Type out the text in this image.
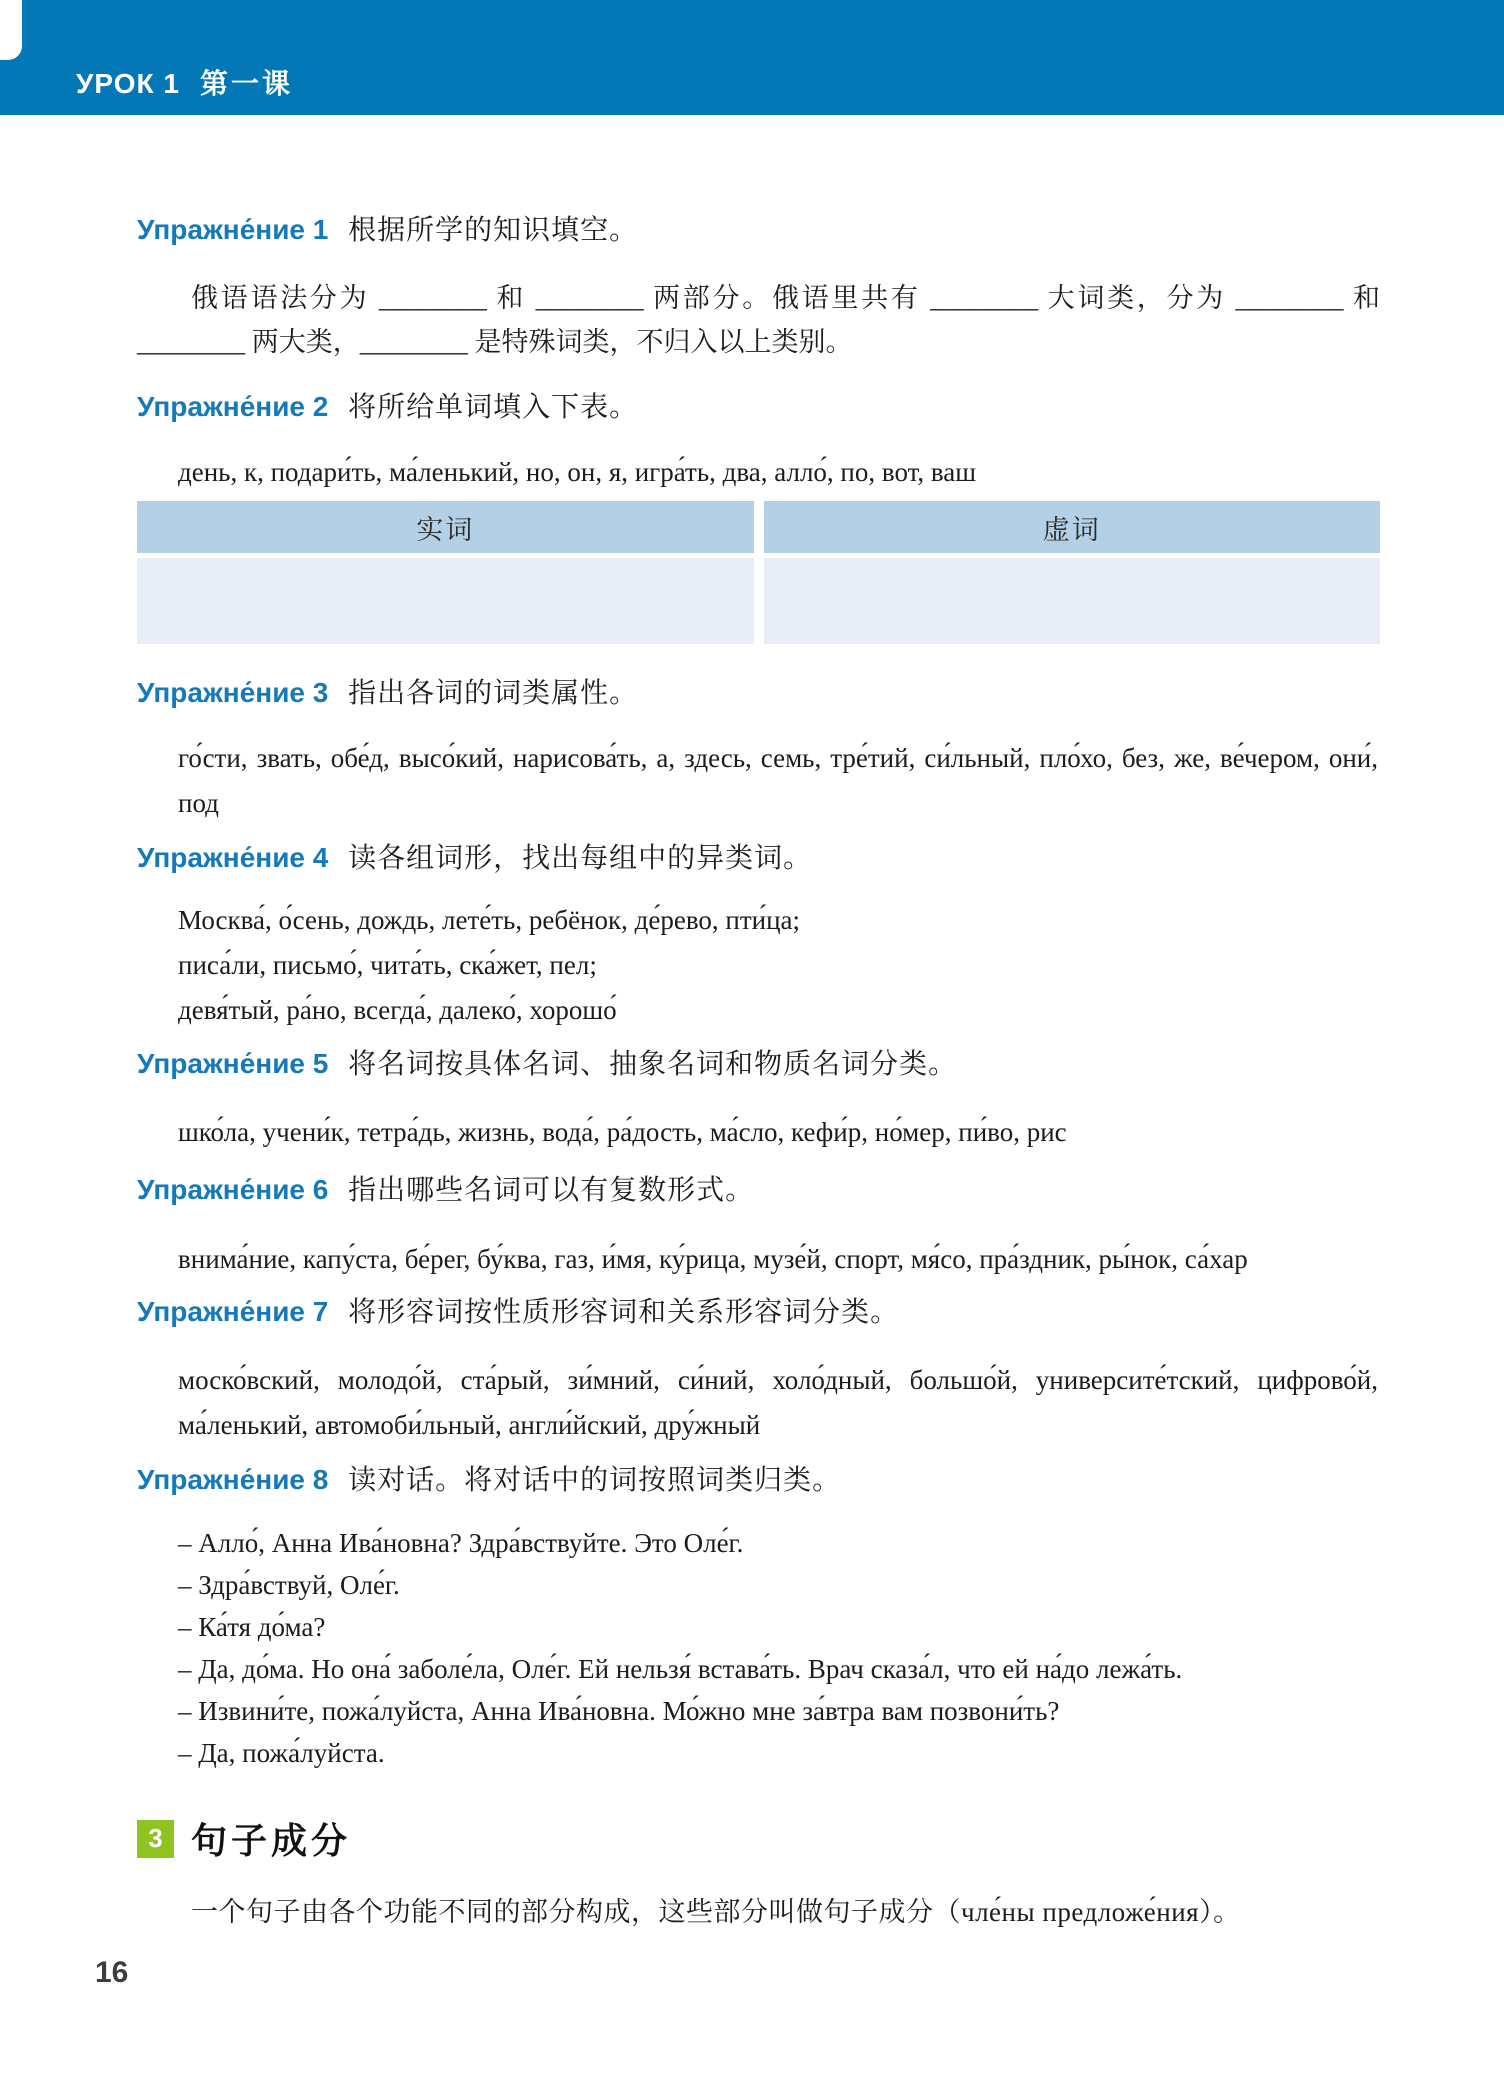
УРОК 1 第一课
Упражне́ние 1 根据所学的知识填空。
俄语语法分为 ________ 和 ________ 两部分。俄语里共有 ________ 大词类，分为 ________ 和 ________ 两大类，________ 是特殊词类，不归入以上类别。
Упражне́ние 2 将所给单词填入下表。
день, к, подари́ть, ма́ленький, но, он, я, игра́ть, два, алло́, по, вот, ваш
实词	虚词
Упражне́ние 3 指出各词的词类属性。
го́сти, звать, обе́д, высо́кий, нарисова́ть, а, здесь, семь, тре́тий, си́льный, пло́хо, без, же, ве́чером, они́, под
Упражне́ние 4 读各组词形，找出每组中的异类词。
Москва́, о́сень, дождь, лете́ть, ребёнок, де́рево, пти́ца;
писа́ли, письмо́, чита́ть, ска́жет, пел;
девя́тый, ра́но, всегда́, далеко́, хорошо́
Упражне́ние 5 将名词按具体名词、抽象名词和物质名词分类。
шко́ла, учени́к, тетра́дь, жизнь, вода́, ра́дость, ма́сло, кефи́р, но́мер, пи́во, рис
Упражне́ние 6 指出哪些名词可以有复数形式。
внима́ние, капу́ста, бе́рег, бу́ква, газ, и́мя, ку́рица, музе́й, спорт, мя́со, пра́здник, ры́нок, са́хар
Упражне́ние 7 将形容词按性质形容词和关系形容词分类。
моско́вский, молодо́й, ста́рый, зи́мний, си́ний, холо́дный, большо́й, университе́тский, цифрово́й, ма́ленький, автомоби́льный, англи́йский, дру́жный
Упражне́ние 8 读对话。将对话中的词按照词类归类。
– Алло́, Анна Ива́новна? Здра́вствуйте. Это Оле́г.
– Здра́вствуй, Оле́г.
– Ка́тя до́ма?
– Да, до́ма. Но она́ заболе́ла, Оле́г. Ей нельзя́ встава́ть. Врач сказа́л, что ей на́до лежа́ть.
– Извини́те, пожа́луйста, Анна Ива́новна. Мо́жно мне за́втра вам позвони́ть?
– Да, пожа́луйста.
3 句子成分
一个句子由各个功能不同的部分构成，这些部分叫做句子成分（чле́ны предложе́ния）。
16
